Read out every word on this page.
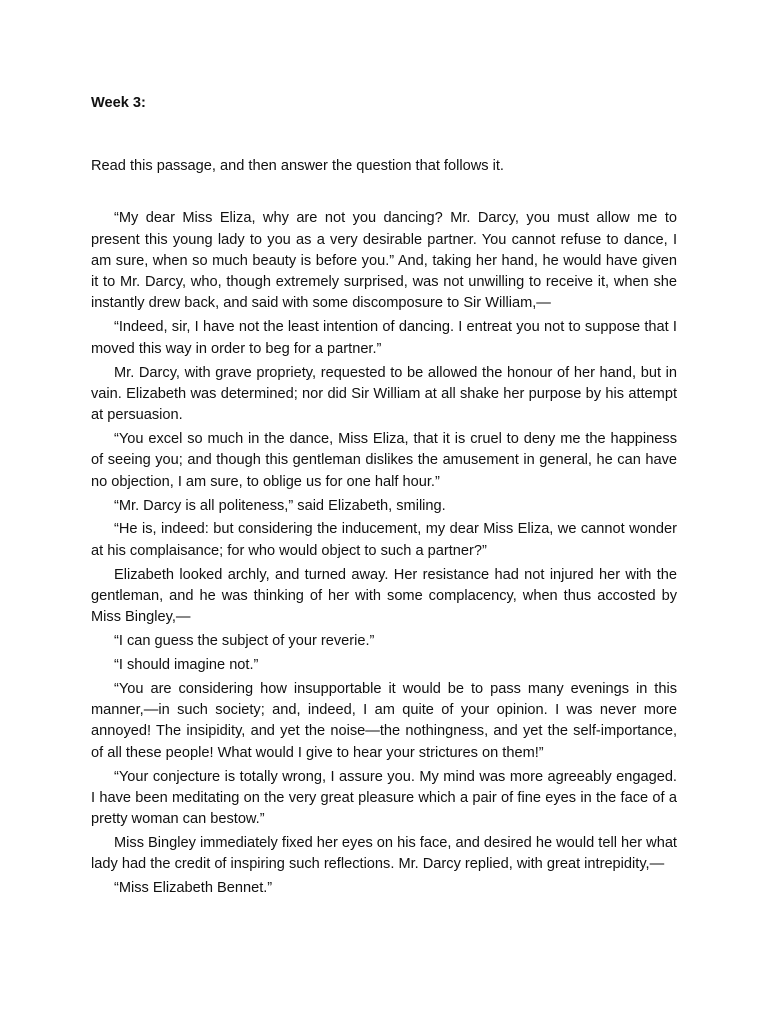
Week 3:

Read this passage, and then answer the question that follows it.

“My dear Miss Eliza, why are not you dancing? Mr. Darcy, you must allow me to present this young lady to you as a very desirable partner. You cannot refuse to dance, I am sure, when so much beauty is before you.” And, taking her hand, he would have given it to Mr. Darcy, who, though extremely surprised, was not unwilling to receive it, when she instantly drew back, and said with some discomposure to Sir William,—

“Indeed, sir, I have not the least intention of dancing. I entreat you not to suppose that I moved this way in order to beg for a partner.”

Mr. Darcy, with grave propriety, requested to be allowed the honour of her hand, but in vain. Elizabeth was determined; nor did Sir William at all shake her purpose by his attempt at persuasion.

“You excel so much in the dance, Miss Eliza, that it is cruel to deny me the happiness of seeing you; and though this gentleman dislikes the amusement in general, he can have no objection, I am sure, to oblige us for one half hour.”

“Mr. Darcy is all politeness,” said Elizabeth, smiling.

“He is, indeed: but considering the inducement, my dear Miss Eliza, we cannot wonder at his complaisance; for who would object to such a partner?”

Elizabeth looked archly, and turned away. Her resistance had not injured her with the gentleman, and he was thinking of her with some complacency, when thus accosted by Miss Bingley,—

“I can guess the subject of your reverie.”

“I should imagine not.”

“You are considering how insupportable it would be to pass many evenings in this manner,—in such society; and, indeed, I am quite of your opinion. I was never more annoyed! The insipidity, and yet the noise—the nothingness, and yet the self-importance, of all these people! What would I give to hear your strictures on them!”

“Your conjecture is totally wrong, I assure you. My mind was more agreeably engaged. I have been meditating on the very great pleasure which a pair of fine eyes in the face of a pretty woman can bestow.”

Miss Bingley immediately fixed her eyes on his face, and desired he would tell her what lady had the credit of inspiring such reflections. Mr. Darcy replied, with great intrepidity,—

“Miss Elizabeth Bennet.”
